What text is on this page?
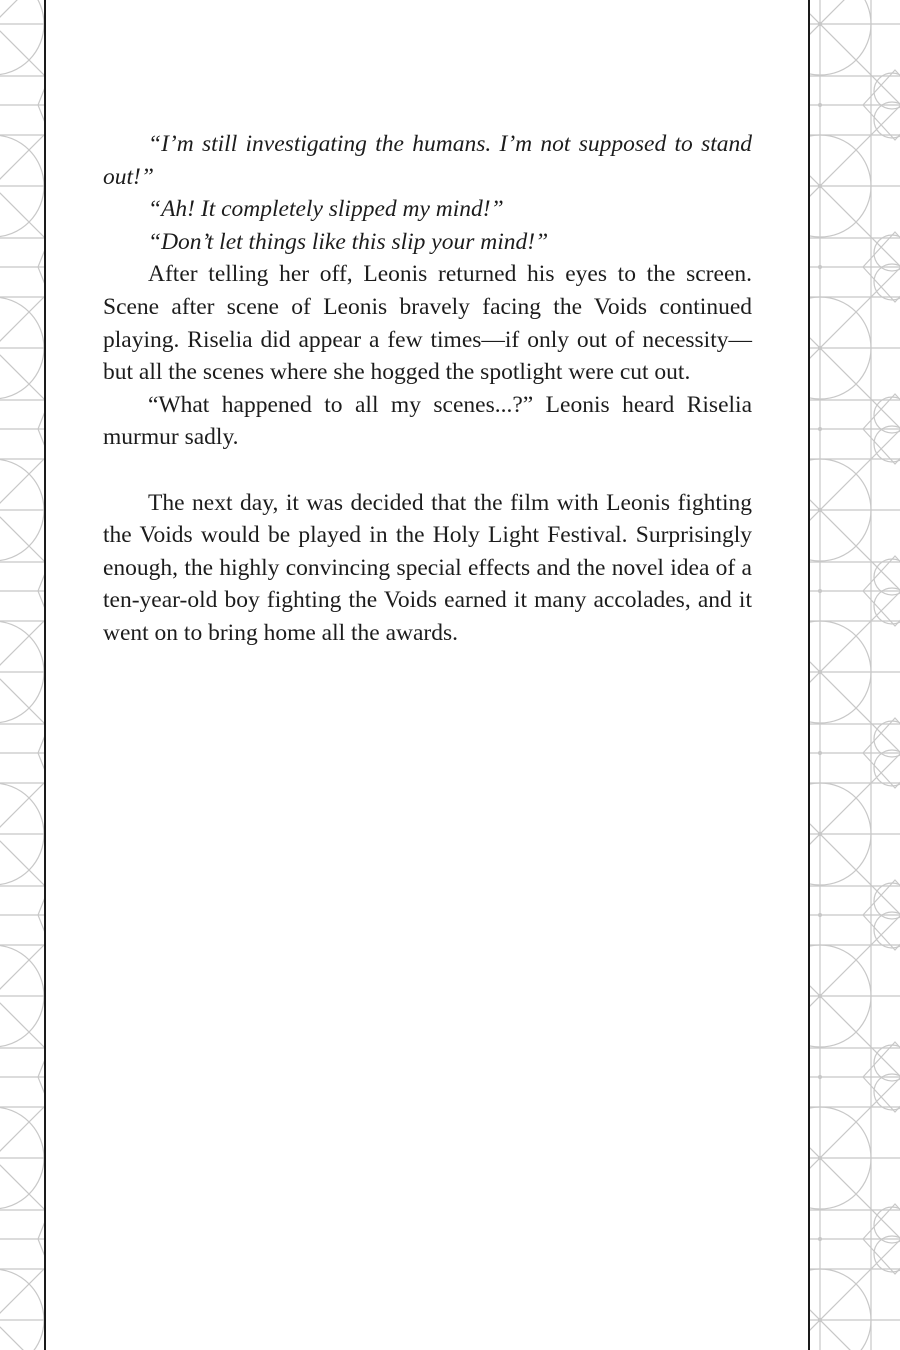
“I’m still investigating the humans. I’m not supposed to stand out!”

“Ah! It completely slipped my mind!”

“Don’t let things like this slip your mind!”

After telling her off, Leonis returned his eyes to the screen. Scene after scene of Leonis bravely facing the Voids continued playing. Riselia did appear a few times—if only out of necessity—but all the scenes where she hogged the spotlight were cut out.

“What happened to all my scenes...?” Leonis heard Riselia murmur sadly.

The next day, it was decided that the film with Leonis fighting the Voids would be played in the Holy Light Festival. Surprisingly enough, the highly convincing special effects and the novel idea of a ten-year-old boy fighting the Voids earned it many accolades, and it went on to bring home all the awards.
